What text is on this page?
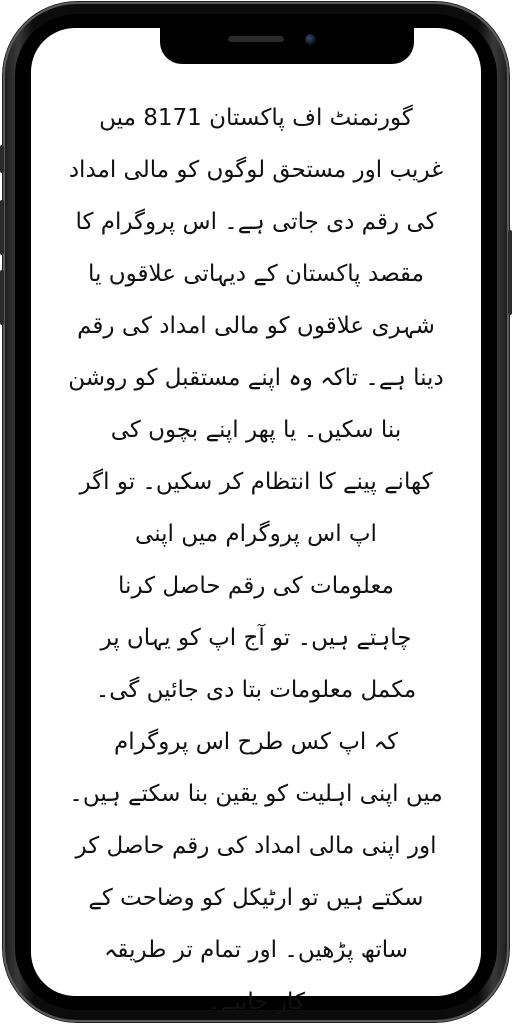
گورنمنٹ اف پاکستان 8171 میں
غریب اور مستحق لوگوں کو مالی امداد
کی رقم دی جاتی ہے۔ اس پروگرام کا
مقصد پاکستان کے دیہاتی علاقوں یا
شہری علاقوں کو مالی امداد کی رقم
دینا ہے۔ تاکہ وہ اپنے مستقبل کو روشن
بنا سکیں۔ یا پھر اپنے بچوں کی
کھانے پینے کا انتظام کر سکیں۔ تو اگر
اپ اس پروگرام میں اپنی
معلومات کی رقم حاصل کرنا
چاہتے ہیں۔ تو آج اپ کو یہاں پر
مکمل معلومات بتا دی جائیں گی۔
کہ اپ کس طرح اس پروگرام
میں اپنی اہلیت کو یقین بنا سکتے ہیں۔
اور اپنی مالی امداد کی رقم حاصل کر
سکتے ہیں تو ارٹیکل کو وضاحت کے
ساتھ پڑھیں۔ اور تمام تر طریقہ
کار جانیے۔
